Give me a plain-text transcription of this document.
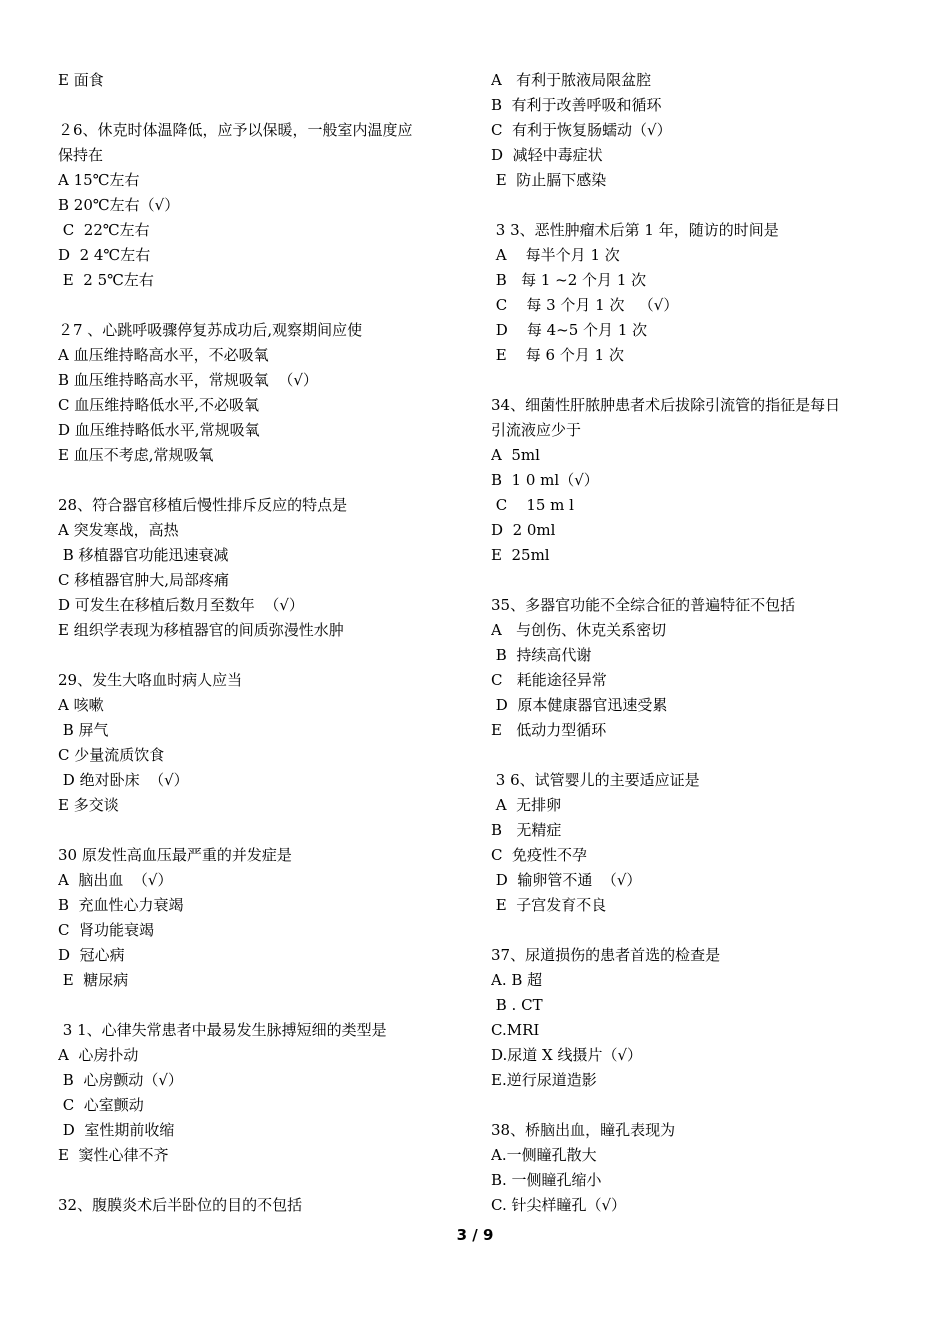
E 面食
２6、休克时体温降低，应予以保暖，一般室内温度应
保持在
A 15℃左右
B 20℃左右（√）
C  22℃左右
D  2 4℃左右
E  2 5℃左右
２7 、心跳呼吸骤停复苏成功后,观察期间应使
A 血压维持略高水平，不必吸氧
B 血压维持略高水平，常规吸氧  （√）
C 血压维持略低水平,不必吸氧
D 血压维持略低水平,常规吸氧
E 血压不考虑,常规吸氧
28、符合器官移植后慢性排斥反应的特点是
A 突发寒战，高热
B 移植器官功能迅速衰减
C 移植器官肿大,局部疼痛
D 可发生在移植后数月至数年  （√）
E 组织学表现为移植器官的间质弥漫性水肿
29、发生大咯血时病人应当
A 咳嗽
B 屏气
C 少量流质饮食
D 绝对卧床  （√）
E 多交谈
30 原发性高血压最严重的并发症是
A  脑出血  （√）
B  充血性心力衰竭
C  肾功能衰竭
D  冠心病
E  糖尿病
3 1、心律失常患者中最易发生脉搏短细的类型是
A  心房扑动
B  心房颤动（√）
C  心室颤动
D  室性期前收缩
E  窦性心律不齐
32、腹膜炎术后半卧位的目的不包括
A   有利于脓液局限盆腔
B  有利于改善呼吸和循环
C  有利于恢复肠蠕动（√）
D  减轻中毒症状
E  防止膈下感染
3 3、恶性肿瘤术后第 1 年，随访的时间是
A    每半个月 1 次
B   每 1 ~2 个月 1 次
C    每 3 个月 1 次   （√）
D    每 4~5 个月 1 次
E    每 6 个月 1 次
34、细菌性肝脓肿患者术后拔除引流管的指征是每日
引流液应少于
A  5ml
B  1 0 ml（√）
C    15 m l
D  2 0ml
E  25ml
35、多器官功能不全综合征的普遍特征不包括
A   与创伤、休克关系密切
B  持续高代谢
C   耗能途径异常
D  原本健康器官迅速受累
E   低动力型循环
3 6、试管婴儿的主要适应证是
A  无排卵
B   无精症
C  免疫性不孕
D  输卵管不通  （√）
E  子宫发育不良
37、尿道损伤的患者首选的检查是
A. B 超
B . CT
C.MRI
D.尿道 X 线摄片（√）
E.逆行尿道造影
38、桥脑出血，瞳孔表现为
A.一侧瞳孔散大
B. 一侧瞳孔缩小
C. 针尖样瞳孔（√）
3 / 9
